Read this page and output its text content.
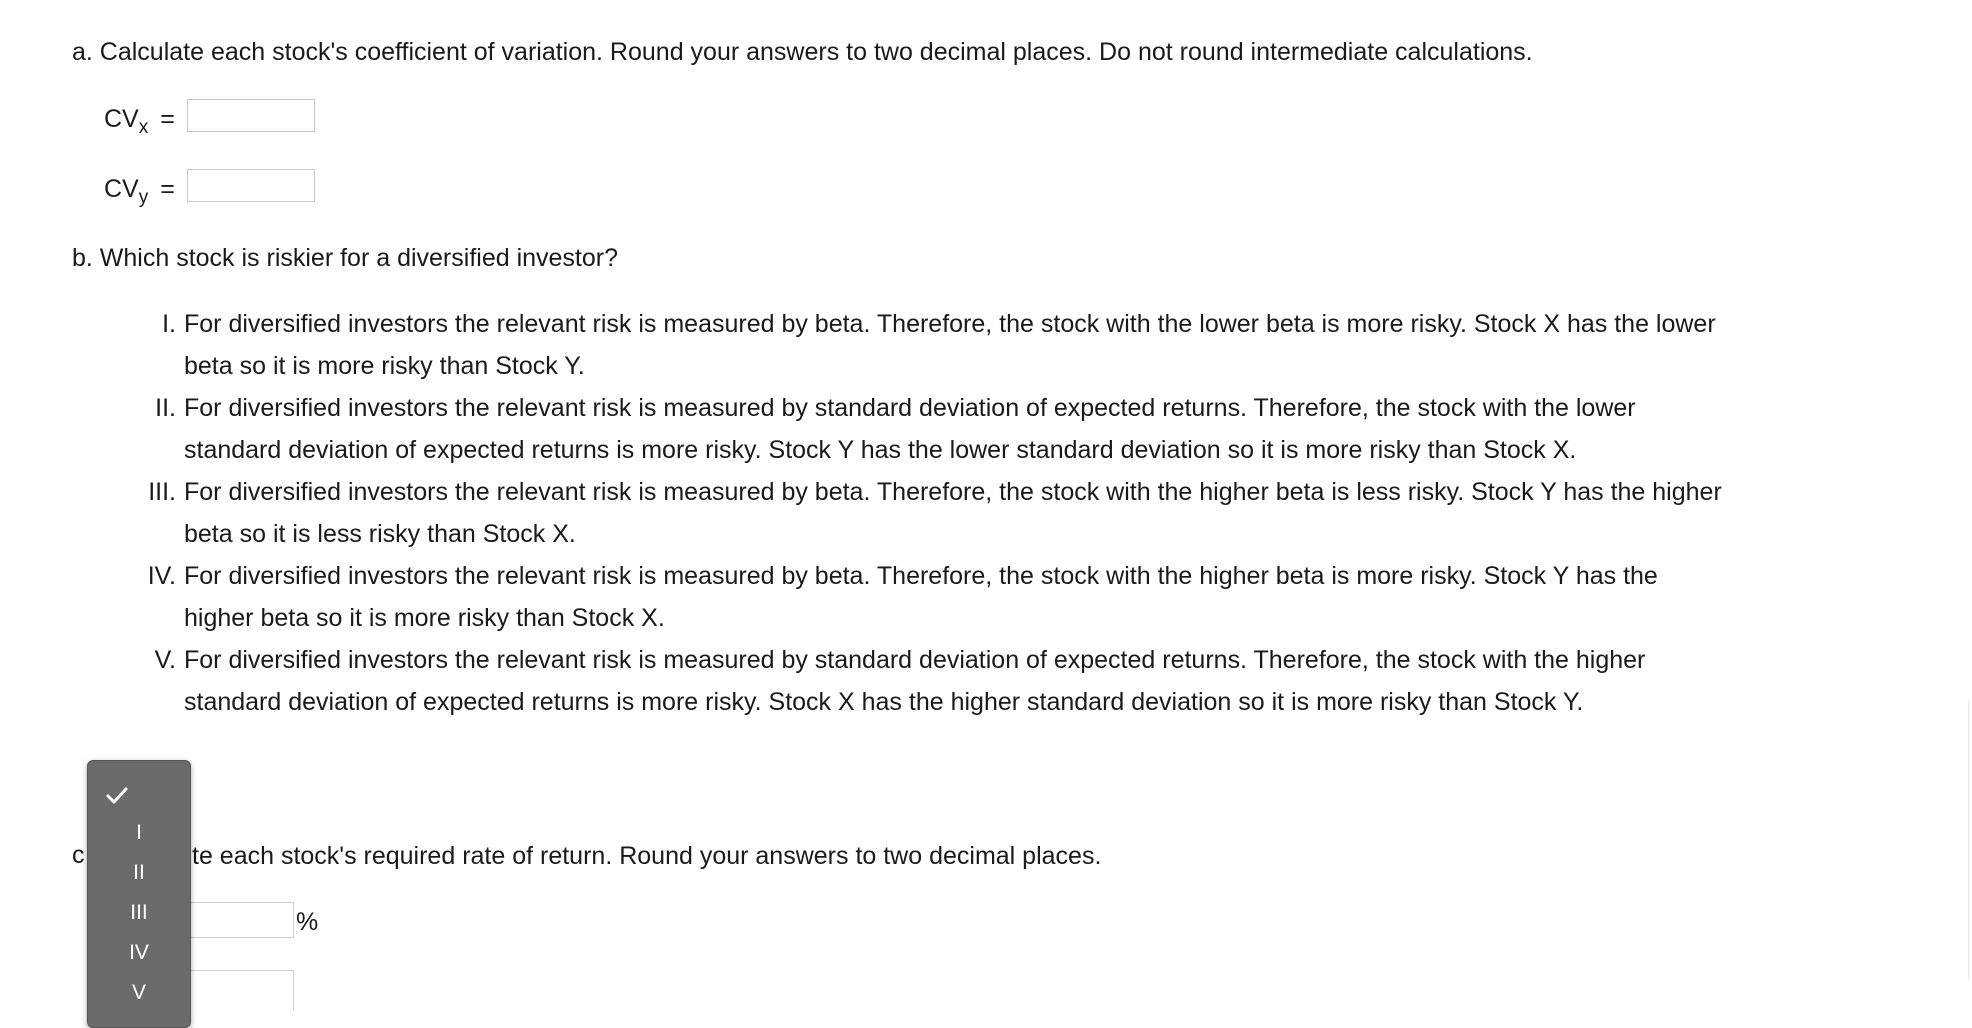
a. Calculate each stock's coefficient of variation. Round your answers to two decimal places. Do not round intermediate calculations.
$CV_x$ =
$CV_y$ =
b. Which stock is riskier for a diversified investor?
I. For diversified investors the relevant risk is measured by beta. Therefore, the stock with the lower beta is more risky. Stock X has the lower
beta so it is more risky than Stock Y.
II. For diversified investors the relevant risk is measured by standard deviation of expected returns. Therefore, the stock with the lower
standard deviation of expected returns is more risky. Stock Y has the lower standard deviation so it is more risky than Stock X.
III. For diversified investors the relevant risk is measured by beta. Therefore, the stock with the higher beta is less risky. Stock Y has the higher
beta so it is less risky than Stock X.
IV. For diversified investors the relevant risk is measured by beta. Therefore, the stock with the higher beta is more risky. Stock Y has the
higher beta so it is more risky than Stock X.
V. For diversified investors the relevant risk is measured by standard deviation of expected returns. Therefore, the stock with the higher
standard deviation of expected returns is more risky. Stock X has the higher standard deviation so it is more risky than Stock Y.
c	te each stock's required rate of return. Round your answers to two decimal places.
%
I
II
III
IV
V
